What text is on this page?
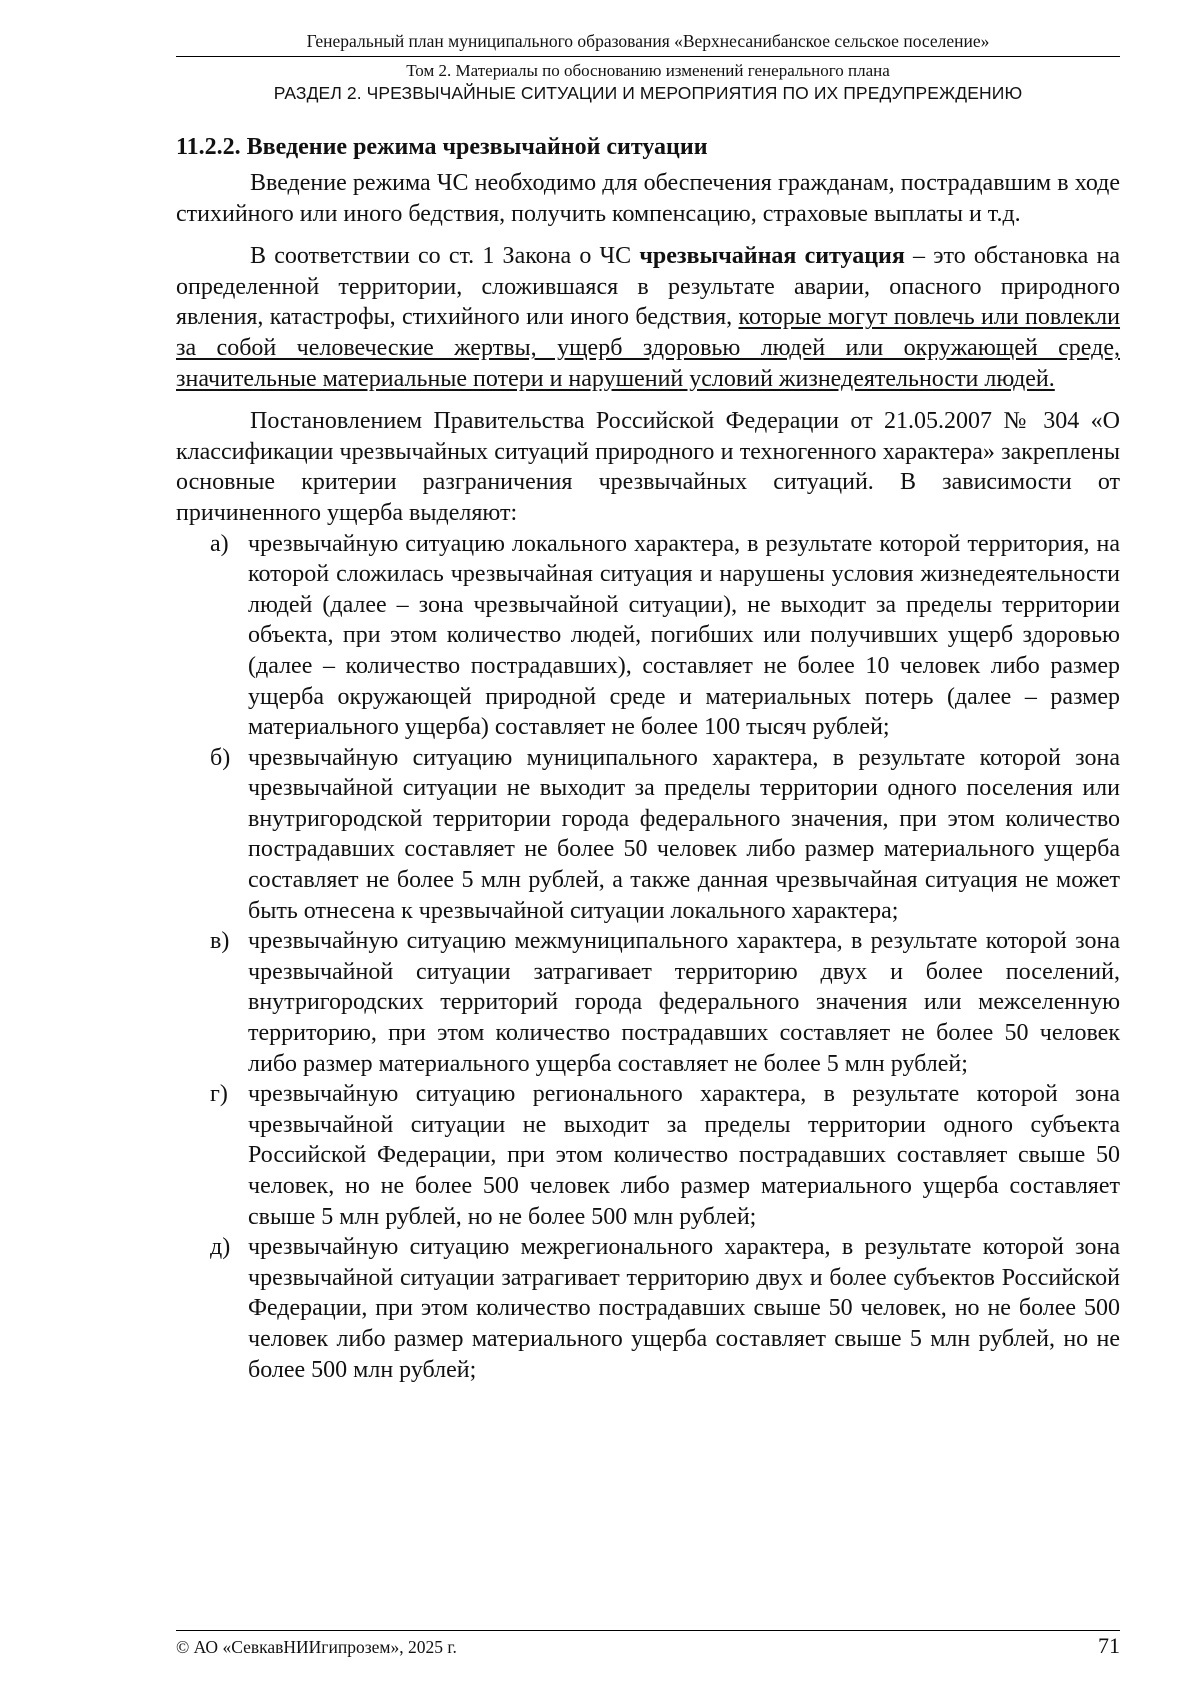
Генеральный план муниципального образования «Верхнесанибанское сельское поселение»
Том 2. Материалы по обоснованию изменений генерального плана
РАЗДЕЛ 2. ЧРЕЗВЫЧАЙНЫЕ СИТУАЦИИ И МЕРОПРИЯТИЯ ПО ИХ ПРЕДУПРЕЖДЕНИЮ
11.2.2. Введение режима чрезвычайной ситуации

Введение режима ЧС необходимо для обеспечения гражданам, пострадавшим в ходе стихийного или иного бедствия, получить компенсацию, страховые выплаты и т.д.

В соответствии со ст. 1 Закона о ЧС чрезвычайная ситуация – это обстановка на определенной территории, сложившаяся в результате аварии, опасного природного явления, катастрофы, стихийного или иного бедствия, которые могут повлечь или повлекли за собой человеческие жертвы, ущерб здоровью людей или окружающей среде, значительные материальные потери и нарушений условий жизнедеятельности людей.

Постановлением Правительства Российской Федерации от 21.05.2007 № 304 «О классификации чрезвычайных ситуаций природного и техногенного характера» закреплены основные критерии разграничения чрезвычайных ситуаций. В зависимости от причиненного ущерба выделяют:

а) чрезвычайную ситуацию локального характера, в результате которой территория, на которой сложилась чрезвычайная ситуация и нарушены условия жизнедеятельности людей (далее – зона чрезвычайной ситуации), не выходит за пределы территории объекта, при этом количество людей, погибших или получивших ущерб здоровью (далее – количество пострадавших), составляет не более 10 человек либо размер ущерба окружающей природной среде и материальных потерь (далее – размер материального ущерба) составляет не более 100 тысяч рублей;
б) чрезвычайную ситуацию муниципального характера, в результате которой зона чрезвычайной ситуации не выходит за пределы территории одного поселения или внутригородской территории города федерального значения, при этом количество пострадавших составляет не более 50 человек либо размер материального ущерба составляет не более 5 млн рублей, а также данная чрезвычайная ситуация не может быть отнесена к чрезвычайной ситуации локального характера;
в) чрезвычайную ситуацию межмуниципального характера, в результате которой зона чрезвычайной ситуации затрагивает территорию двух и более поселений, внутригородских территорий города федерального значения или межселенную территорию, при этом количество пострадавших составляет не более 50 человек либо размер материального ущерба составляет не более 5 млн рублей;
г) чрезвычайную ситуацию регионального характера, в результате которой зона чрезвычайной ситуации не выходит за пределы территории одного субъекта Российской Федерации, при этом количество пострадавших составляет свыше 50 человек, но не более 500 человек либо размер материального ущерба составляет свыше 5 млн рублей, но не более 500 млн рублей;
д) чрезвычайную ситуацию межрегионального характера, в результате которой зона чрезвычайной ситуации затрагивает территорию двух и более субъектов Российской Федерации, при этом количество пострадавших свыше 50 человек, но не более 500 человек либо размер материального ущерба составляет свыше 5 млн рублей, но не более 500 млн рублей;
© АО «СевкавНИИгипрозем», 2025 г.	71
